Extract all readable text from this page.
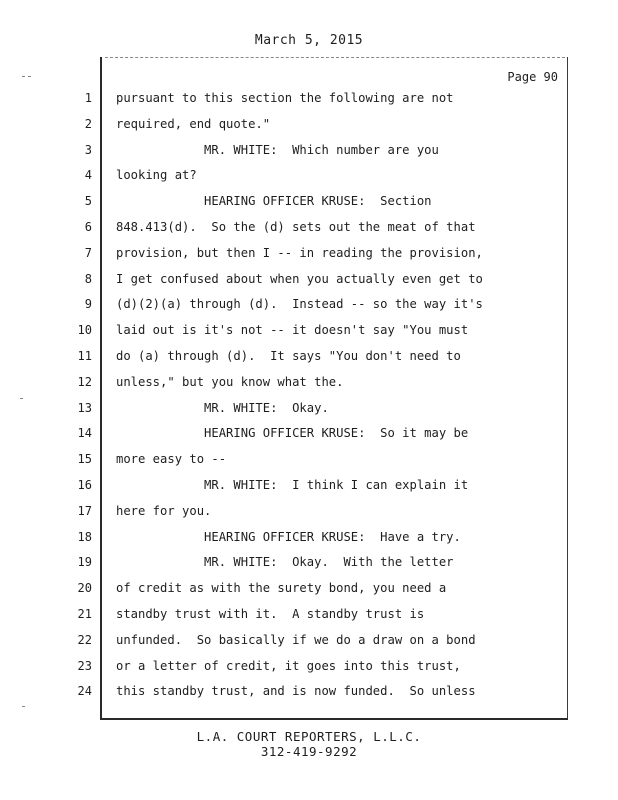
March 5, 2015
Page 90
1
2
3
4
5
6
7
8
9
10
11
12
13
14
15
16
17
18
19
20
21
22
23
24
pursuant to this section the following are not
required, end quote."
MR. WHITE:  Which number are you
looking at?
HEARING OFFICER KRUSE:  Section
848.413(d).  So the (d) sets out the meat of that
provision, but then I -- in reading the provision,
I get confused about when you actually even get to
(d)(2)(a) through (d).  Instead -- so the way it's
laid out is it's not -- it doesn't say "You must
do (a) through (d).  It says "You don't need to
unless," but you know what the.
MR. WHITE:  Okay.
HEARING OFFICER KRUSE:  So it may be
more easy to --
MR. WHITE:  I think I can explain it
here for you.
HEARING OFFICER KRUSE:  Have a try.
MR. WHITE:  Okay.  With the letter
of credit as with the surety bond, you need a
standby trust with it.  A standby trust is
unfunded.  So basically if we do a draw on a bond
or a letter of credit, it goes into this trust,
this standby trust, and is now funded.  So unless
L.A. COURT REPORTERS, L.L.C.
312-419-9292
